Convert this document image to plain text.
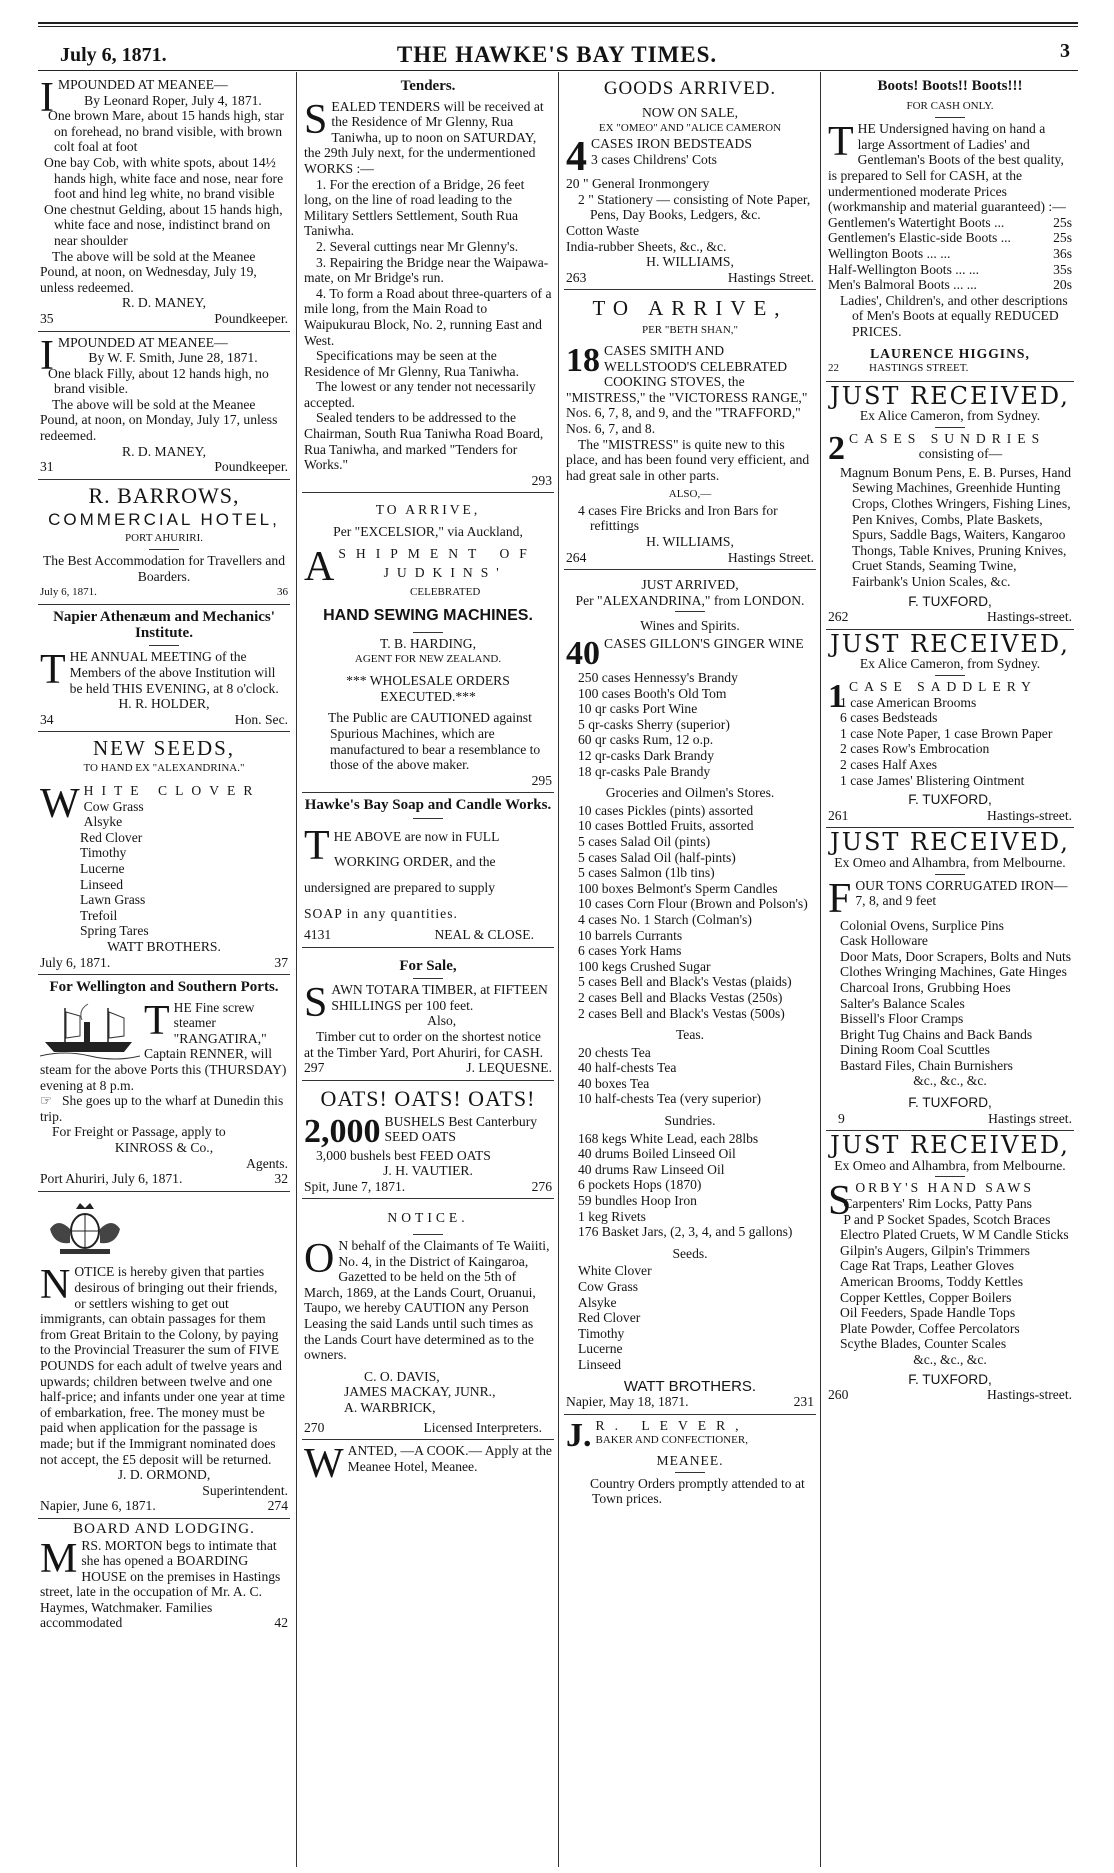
July 6, 1871.	THE HAWKE'S BAY TIMES.	3

IMPOUNDED AT MEANEE—

By Leonard Roper, July 4, 1871.

One brown Mare, about 15 hands high, star on forehead, no brand visible, with brown colt foal at foot

One bay Cob, with white spots, about 14½ hands high, white face and nose, near fore foot and hind leg white, no brand visible

One chestnut Gelding, about 15 hands high, white face and nose, indistinct brand on near shoulder

The above will be sold at the Meanee Pound, at noon, on Wednesday, July 19, unless redeemed.

R. D. MANEY,

35	Poundkeeper.

IMPOUNDED AT MEANEE—

By W. F. Smith, June 28, 1871.

One black Filly, about 12 hands high, no brand visible.

The above will be sold at the Meanee Pound, at noon, on Monday, July 17, unless redeemed.

R. D. MANEY,

31	Poundkeeper.

R. BARROWS,

COMMERCIAL HOTEL,

PORT AHURIRI.

The Best Accommodation for Travellers and Boarders.

July 6, 1871.	36

Napier Athenæum and Mechanics' Institute.

THE ANNUAL MEETING of the Members of the above Institution will be held THIS EVENING, at 8 o'clock.

H. R. HOLDER,

34	Hon. Sec.

NEW SEEDS,

TO HAND EX "ALEXANDRINA."

WHITE CLOVER

Cow Grass

Alsyke

Red Clover

Timothy

Lucerne

Linseed

Lawn Grass

Trefoil

Spring Tares

WATT BROTHERS.

July 6, 1871.	37

For Wellington and Southern Ports.

THE Fine screw steamer "RANGATIRA," Captain RENNER, will steam for the above Ports this (THURSDAY) evening at 8 p.m.

☞ She goes up to the wharf at Dunedin this trip.

For Freight or Passage, apply to

KINROSS & Co.,

Agents.

Port Ahuriri, July 6, 1871.	32

NOTICE is hereby given that parties desirous of bringing out their friends, or settlers wishing to get out immigrants, can obtain passages for them from Great Britain to the Colony, by paying to the Provincial Treasurer the sum of FIVE POUNDS for each adult of twelve years and upwards; children between twelve and one half-price; and infants under one year at time of embarkation, free. The money must be paid when application for the passage is made; but if the Immigrant nominated does not accept, the £5 deposit will be returned.

J. D. ORMOND,

Superintendent.

Napier, June 6, 1871.	274

BOARD AND LODGING.

MRS. MORTON begs to intimate that she has opened a BOARDING HOUSE on the premises in Hastings street, late in the occupation of Mr. A. C. Haymes, Watchmaker. Families accommodated	42

Tenders.

SEALED TENDERS will be received at the Residence of Mr Glenny, Rua Taniwha, up to noon on SATURDAY, the 29th July next, for the undermentioned WORKS :—

1. For the erection of a Bridge, 26 feet long, on the line of road leading to the Military Settlers Settlement, South Rua Taniwha.

2. Several cuttings near Mr Glenny's.

3. Repairing the Bridge near the Waipawa-mate, on Mr Bridge's run.

4. To form a Road about three-quarters of a mile long, from the Main Road to Waipukurau Block, No. 2, running East and West.

Specifications may be seen at the Residence of Mr Glenny, Rua Taniwha.

The lowest or any tender not necessarily accepted.

Sealed tenders to be addressed to the Chairman, South Rua Taniwha Road Board, Rua Taniwha, and marked "Tenders for Works."

293

TO ARRIVE,

Per "EXCELSIOR," via Auckland,

ASHIPMENT OF

JUDKINS'

CELEBRATED

HAND SEWING MACHINES.

T. B. HARDING,

AGENT FOR NEW ZEALAND.

*** WHOLESALE ORDERS EXECUTED.***

The Public are CAUTIONED against Spurious Machines, which are manufactured to bear a resemblance to those of the above maker.

295

Hawke's Bay Soap and Candle Works.

THE ABOVE are now in FULL

WORKING ORDER, and the

undersigned are prepared to supply

SOAP in any quantities.

4131	NEAL & CLOSE.

For Sale,

SAWN TOTARA TIMBER, at FIFTEEN SHILLINGS per 100 feet.

Also,

Timber cut to order on the shortest notice at the Timber Yard, Port Ahuriri, for CASH.

297	J. LEQUESNE.

OATS! OATS! OATS!

2,000 BUSHELS Best Canterbury SEED OATS

3,000 bushels best FEED OATS

J. H. VAUTIER.

Spit, June 7, 1871.	276

NOTICE.

O N behalf of the Claimants of Te Waiiti, No. 4, in the District of Kaingaroa, Gazetted to be held on the 5th of March, 1869, at the Lands Court, Oruanui, Taupo, we hereby CAUTION any Person Leasing the said Lands until such times as the Lands Court have determined as to the owners.

C. O. DAVIS,

JAMES MACKAY, JUNR.,

A. WARBRICK,

270	Licensed Interpreters.

WANTED, —A COOK.— Apply at the Meanee Hotel, Meanee.

GOODS ARRIVED.

NOW ON SALE,

EX "OMEO" AND "ALICE CAMERON

4 CASES IRON BEDSTEADS

3 cases Childrens' Cots

20 " General Ironmongery

2 " Stationery — consisting of Note Paper, Pens, Day Books, Ledgers, &c.

Cotton Waste

India-rubber Sheets, &c., &c.

H. WILLIAMS,

263	Hastings Street.

TO ARRIVE,

PER "BETH SHAN,"

18 CASES SMITH AND WELLSTOOD'S CELEBRATED COOKING STOVES, the "MISTRESS," the "VICTORESS RANGE," Nos. 6, 7, 8, and 9, and the "TRAFFORD," Nos. 6, 7, and 8.

The "MISTRESS" is quite new to this place, and has been found very efficient, and had great sale in other parts.

ALSO,—

4 cases Fire Bricks and Iron Bars for refittings

H. WILLIAMS,

264	Hastings Street.

JUST ARRIVED,

Per "ALEXANDRINA," from LONDON.

Wines and Spirits.

40 CASES GILLON'S GINGER WINE

250 cases Hennessy's Brandy

100 cases Booth's Old Tom

10 qr casks Port Wine

5 qr-casks Sherry (superior)

60 qr casks Rum, 12 o.p.

12 qr-casks Dark Brandy

18 qr-casks Pale Brandy

Groceries and Oilmen's Stores.

10 cases Pickles (pints) assorted

10 cases Bottled Fruits, assorted

5 cases Salad Oil (pints)

5 cases Salad Oil (half-pints)

5 cases Salmon (1lb tins)

100 boxes Belmont's Sperm Candles

10 cases Corn Flour (Brown and Polson's)

4 cases No. 1 Starch (Colman's)

10 barrels Currants

6 cases York Hams

100 kegs Crushed Sugar

5 cases Bell and Black's Vestas (plaids)

2 cases Bell and Blacks Vestas (250s)

2 cases Bell and Black's Vestas (500s)

Teas.

20 chests Tea

40 half-chests Tea

40 boxes Tea

10 half-chests Tea (very superior)

Sundries.

168 kegs White Lead, each 28lbs

40 drums Boiled Linseed Oil

40 drums Raw Linseed Oil

6 pockets Hops (1870)

59 bundles Hoop Iron

1 keg Rivets

176 Basket Jars, (2, 3, 4, and 5 gallons)

Seeds.

White Clover

Cow Grass

Alsyke

Red Clover

Timothy

Lucerne

Linseed

WATT BROTHERS.

Napier, May 18, 1871.	231

J. R. LEVER,

BAKER AND CONFECTIONER,

MEANEE.

Country Orders promptly attended to at Town prices.

Boots! Boots!! Boots!!!

FOR CASH ONLY.

THE Undersigned having on hand a large Assortment of Ladies' and Gentleman's Boots of the best quality, is prepared to Sell for CASH, at the undermentioned moderate Prices (workmanship and material guaranteed) :—

Gentlemen's Watertight Boots ...	25s

Gentlemen's Elastic-side Boots ...	25s

Wellington Boots ... ...	36s

Half-Wellington Boots ... ...	35s

Men's Balmoral Boots ... ...	20s

Ladies', Children's, and other descriptions of Men's Boots at equally REDUCED PRICES.

LAURENCE HIGGINS,

22	HASTINGS STREET.

JUST RECEIVED,

Ex Alice Cameron, from Sydney.

2 CASES SUNDRIES

consisting of—

Magnum Bonum Pens, E. B. Purses, Hand Sewing Machines, Greenhide Hunting Crops, Clothes Wringers, Fishing Lines, Pen Knives, Combs, Plate Baskets, Spurs, Saddle Bags, Waiters, Kangaroo Thongs, Table Knives, Pruning Knives, Cruet Stands, Seaming Twine, Fairbank's Union Scales, &c.

F. TUXFORD,

262	Hastings-street.

JUST RECEIVED,

Ex Alice Cameron, from Sydney.

1 CASE SADDLERY

1 case American Brooms

6 cases Bedsteads

1 case Note Paper, 1 case Brown Paper

2 cases Row's Embrocation

2 cases Half Axes

1 case James' Blistering Ointment

F. TUXFORD,

261	Hastings-street.

JUST RECEIVED,

Ex Omeo and Alhambra, from Melbourne.

FOUR TONS CORRUGATED IRON—7, 8, and 9 feet

Colonial Ovens, Surplice Pins

Cask Holloware

Door Mats, Door Scrapers, Bolts and Nuts

Clothes Wringing Machines, Gate Hinges

Charcoal Irons, Grubbing Hoes

Salter's Balance Scales

Bissell's Floor Cramps

Bright Tug Chains and Back Bands

Dining Room Coal Scuttles

Bastard Files, Chain Burnishers

&c., &c., &c.

F. TUXFORD,

9	Hastings street.

JUST RECEIVED,

Ex Omeo and Alhambra, from Melbourne.

SORBY'S HAND SAWS

Carpenters' Rim Locks, Patty Pans

P and P Socket Spades, Scotch Braces

Electro Plated Cruets, W M Candle Sticks

Gilpin's Augers, Gilpin's Trimmers

Cage Rat Traps, Leather Gloves

American Brooms, Toddy Kettles

Copper Kettles, Copper Boilers

Oil Feeders, Spade Handle Tops

Plate Powder, Coffee Percolators

Scythe Blades, Counter Scales

&c., &c., &c.

F. TUXFORD,

260	Hastings-street.
